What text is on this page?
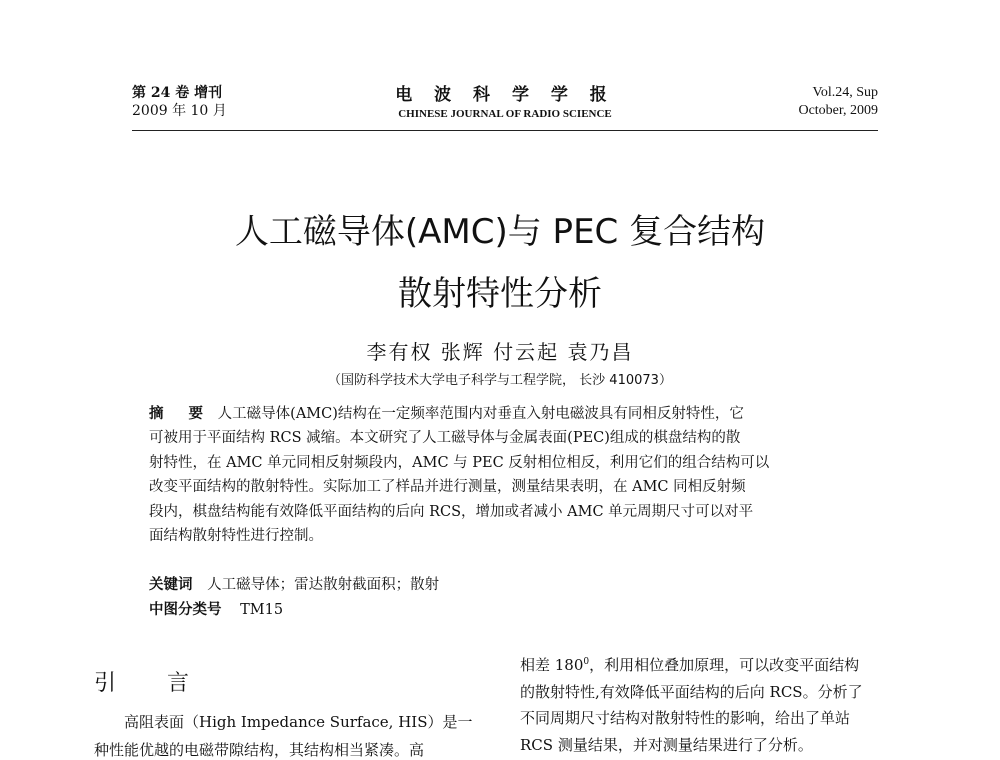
第 24 卷 增刊
2009 年 10 月
电 波 科 学 学 报
CHINESE JOURNAL OF RADIO SCIENCE
Vol.24, Sup
October, 2009
人工磁导体(AMC)与 PEC 复合结构
散射特性分析
李有权 张辉 付云起 袁乃昌
（国防科学技术大学电子科学与工程学院， 长沙 410073）
摘 要 人工磁导体(AMC)结构在一定频率范围内对垂直入射电磁波具有同相反射特性，它
可被用于平面结构 RCS 减缩。本文研究了人工磁导体与金属表面(PEC)组成的棋盘结构的散
射特性，在 AMC 单元同相反射频段内，AMC 与 PEC 反射相位相反，利用它们的组合结构可以
改变平面结构的散射特性。实际加工了样品并进行测量，测量结果表明，在 AMC 同相反射频
段内，棋盘结构能有效降低平面结构的后向 RCS，增加或者减小 AMC 单元周期尺寸可以对平
面结构散射特性进行控制。
关键词 人工磁导体；雷达散射截面积；散射
中图分类号 TM15
引 言

高阻表面（High Impedance Surface, HIS）是一

种性能优越的电磁带隙结构，其结构相当紧凑。高
相差 $180^0$，利用相位叠加原理，可以改变平面结构
的散射特性,有效降低平面结构的后向 RCS。分析了
不同周期尺寸结构对散射特性的影响，给出了单站
RCS 测量结果，并对测量结果进行了分析。
